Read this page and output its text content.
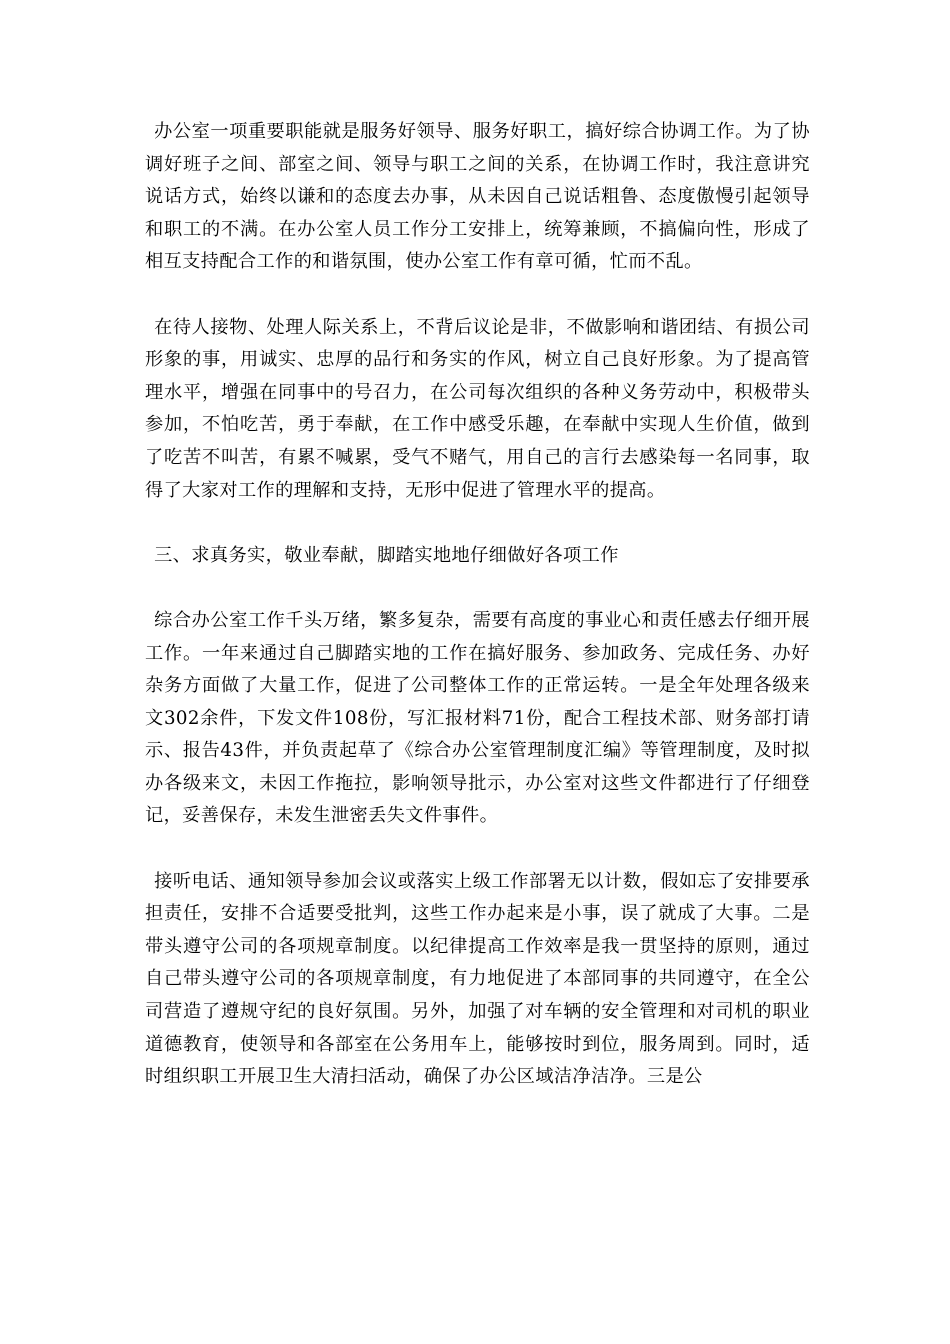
办公室一项重要职能就是服务好领导、服务好职工，搞好综合协调工作。为了协调好班子之间、部室之间、领导与职工之间的关系，在协调工作时，我注意讲究说话方式，始终以谦和的态度去办事，从未因自己说话粗鲁、态度傲慢引起领导和职工的不满。在办公室人员工作分工安排上，统筹兼顾，不搞偏向性，形成了相互支持配合工作的和谐氛围，使办公室工作有章可循，忙而不乱。

在待人接物、处理人际关系上，不背后议论是非，不做影响和谐团结、有损公司形象的事，用诚实、忠厚的品行和务实的作风，树立自己良好形象。为了提高管理水平，增强在同事中的号召力，在公司每次组织的各种义务劳动中，积极带头参加，不怕吃苦，勇于奉献，在工作中感受乐趣，在奉献中实现人生价值，做到了吃苦不叫苦，有累不喊累，受气不赌气，用自己的言行去感染每一名同事，取得了大家对工作的理解和支持，无形中促进了管理水平的提高。

三、求真务实，敬业奉献，脚踏实地地仔细做好各项工作

综合办公室工作千头万绪，繁多复杂，需要有高度的事业心和责任感去仔细开展工作。一年来通过自己脚踏实地的工作在搞好服务、参加政务、完成任务、办好杂务方面做了大量工作，促进了公司整体工作的正常运转。一是全年处理各级来文302余件，下发文件108份，写汇报材料71份，配合工程技术部、财务部打请示、报告43件，并负责起草了《综合办公室管理制度汇编》等管理制度，及时拟办各级来文，未因工作拖拉，影响领导批示，办公室对这些文件都进行了仔细登记，妥善保存，未发生泄密丢失文件事件。

接听电话、通知领导参加会议或落实上级工作部署无以计数，假如忘了安排要承担责任，安排不合适要受批判，这些工作办起来是小事，误了就成了大事。二是带头遵守公司的各项规章制度。以纪律提高工作效率是我一贯坚持的原则，通过自己带头遵守公司的各项规章制度，有力地促进了本部同事的共同遵守，在全公司营造了遵规守纪的良好氛围。另外，加强了对车辆的安全管理和对司机的职业道德教育，使领导和各部室在公务用车上，能够按时到位，服务周到。同时，适时组织职工开展卫生大清扫活动，确保了办公区域洁净洁净。三是公
